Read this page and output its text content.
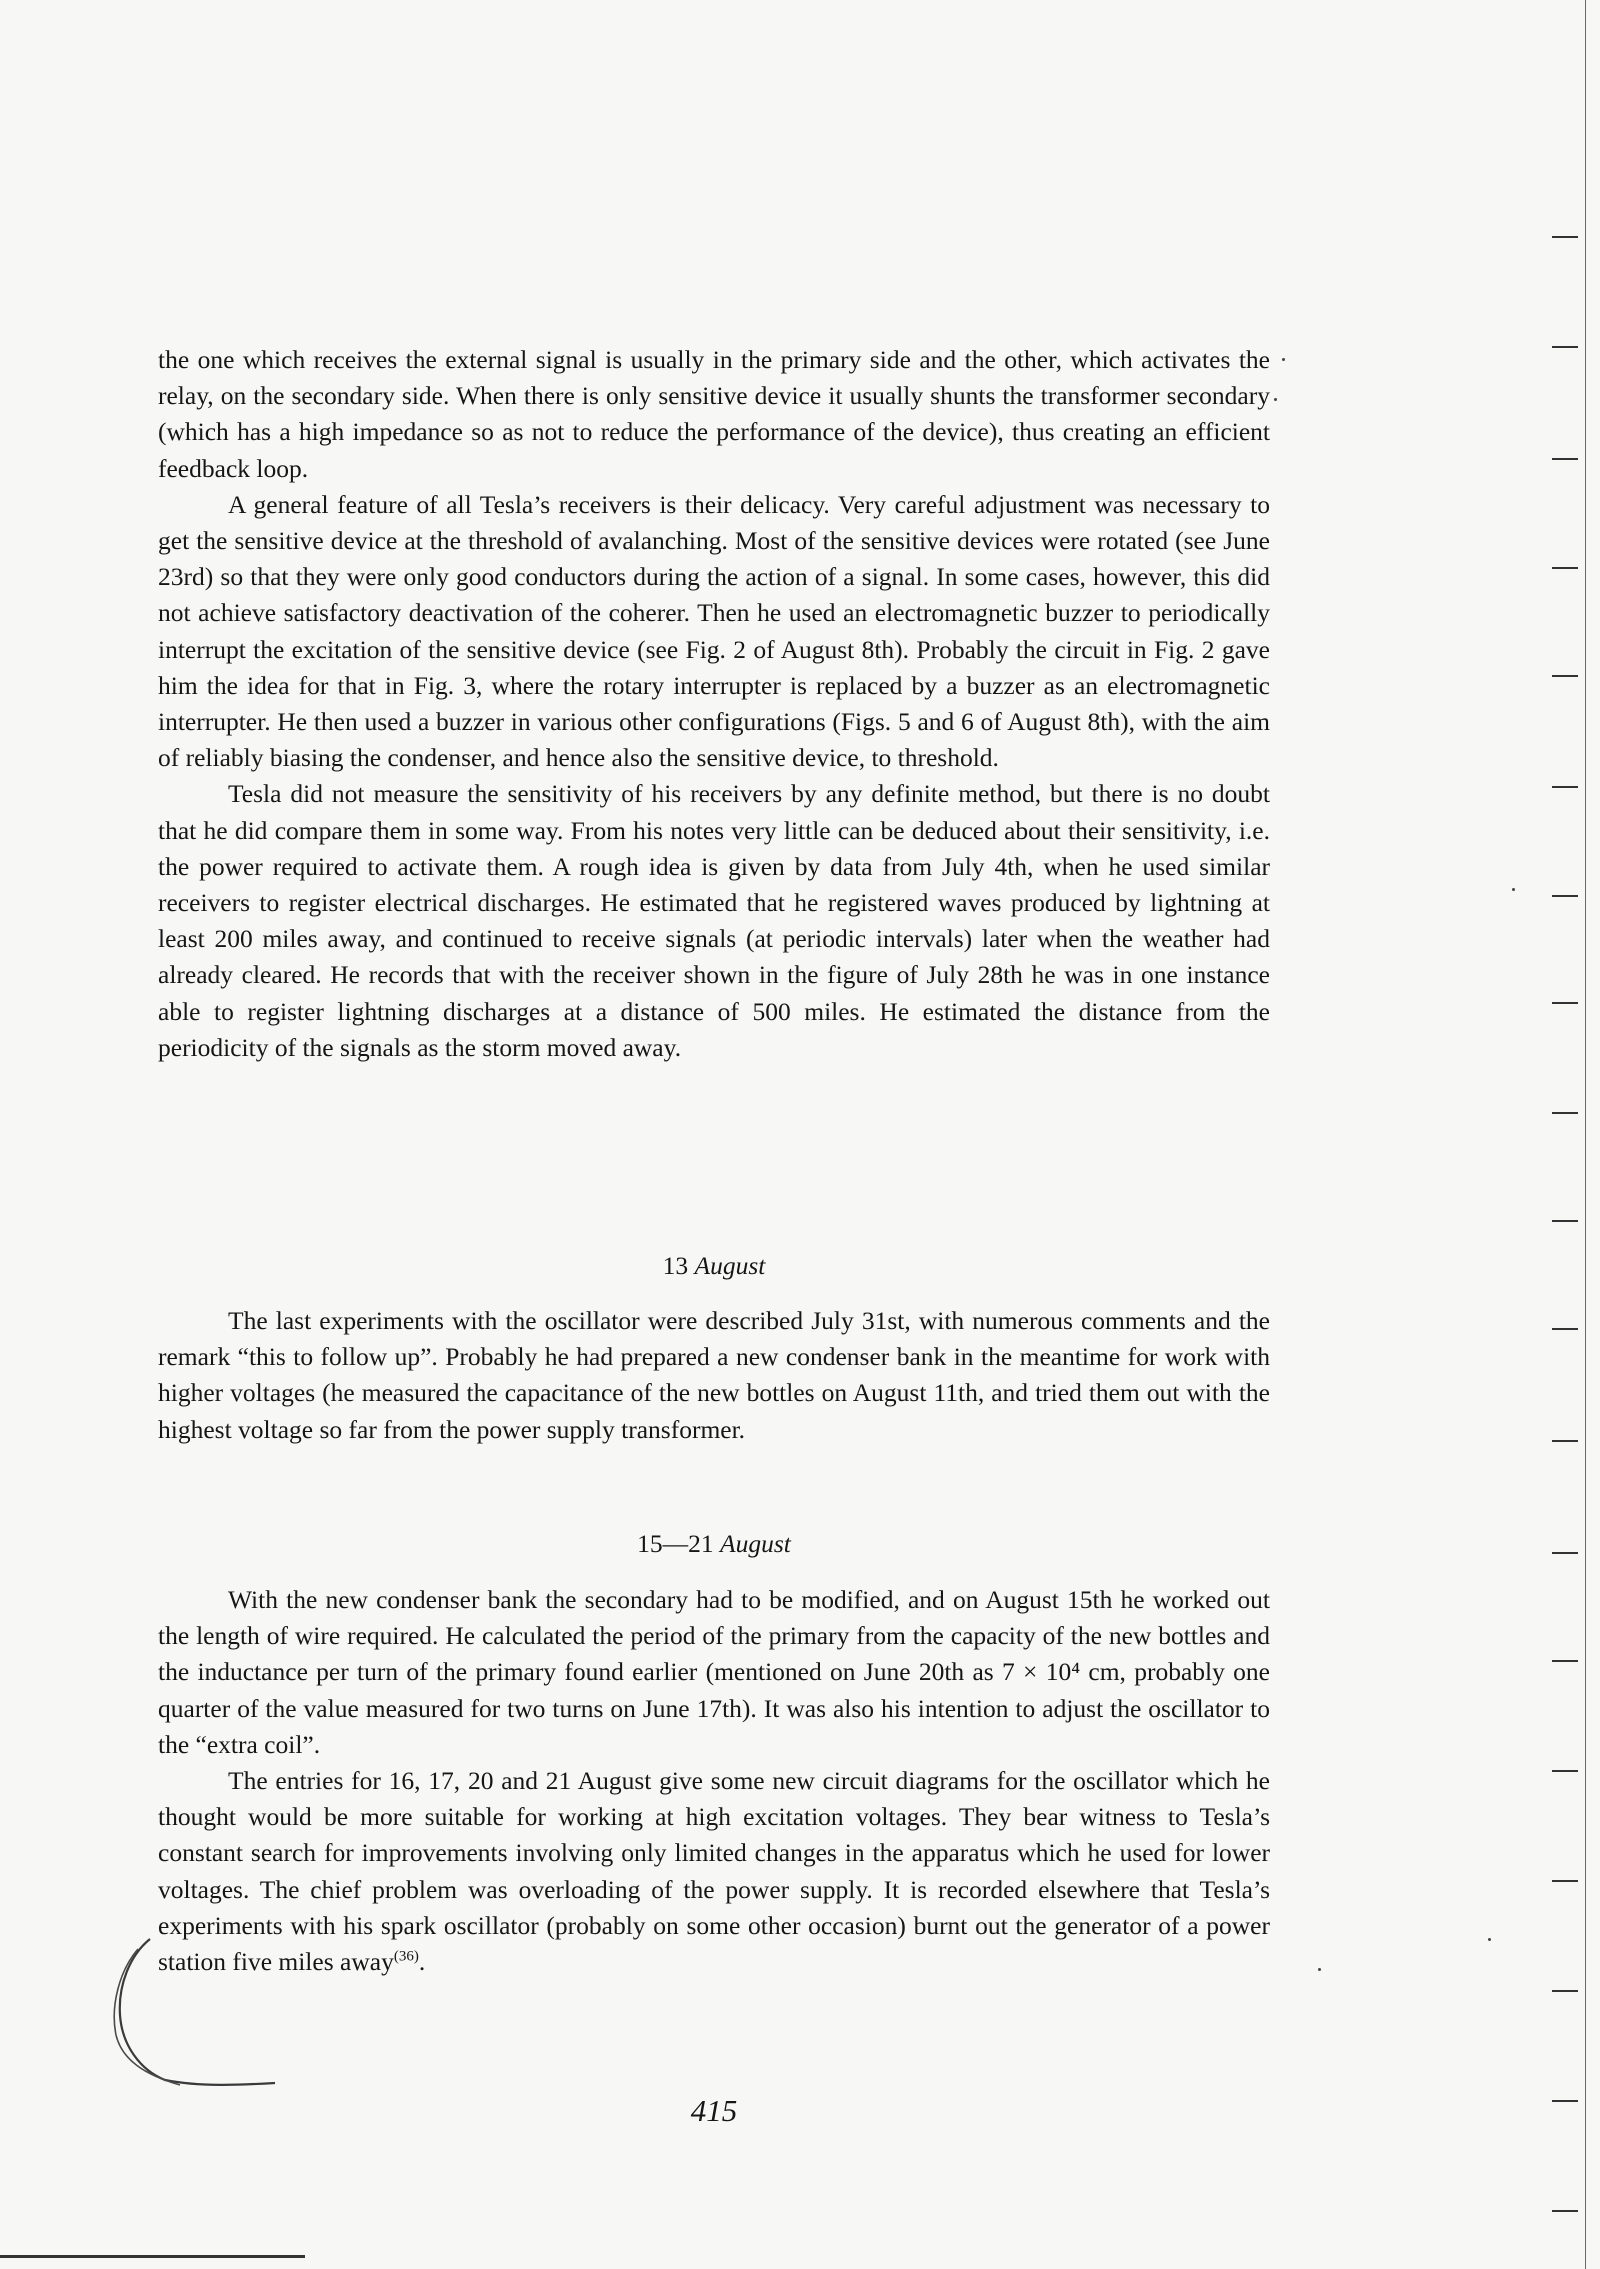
the one which receives the external signal is usually in the primary side and the other, which activates the relay, on the secondary side. When there is only sensitive device it usually shunts the transformer secondary (which has a high impedance so as not to reduce the performance of the device), thus creating an efficient feedback loop.

A general feature of all Tesla’s receivers is their delicacy. Very careful adjustment was necessary to get the sensitive device at the threshold of avalanching. Most of the sensitive devices were rotated (see June 23rd) so that they were only good conductors during the action of a signal. In some cases, however, this did not achieve satisfactory deactivation of the coherer. Then he used an electromagnetic buzzer to periodically interrupt the excitation of the sensitive device (see Fig. 2 of August 8th). Probably the circuit in Fig. 2 gave him the idea for that in Fig. 3, where the rotary interrupter is replaced by a buzzer as an electromagnetic interrupter. He then used a buzzer in various other configurations (Figs. 5 and 6 of August 8th), with the aim of reliably biasing the condenser, and hence also the sensitive device, to threshold.

Tesla did not measure the sensitivity of his receivers by any definite method, but there is no doubt that he did compare them in some way. From his notes very little can be deduced about their sensitivity, i.e. the power required to activate them. A rough idea is given by data from July 4th, when he used similar receivers to register electrical discharges. He estimated that he registered waves produced by lightning at least 200 miles away, and continued to receive signals (at periodic intervals) later when the weather had already cleared. He records that with the receiver shown in the figure of July 28th he was in one instance able to register lightning discharges at a distance of 500 miles. He estimated the distance from the periodicity of the signals as the storm moved away.

13 August

The last experiments with the oscillator were described July 31st, with numerous comments and the remark “this to follow up”. Probably he had prepared a new condenser bank in the meantime for work with higher voltages (he measured the capacitance of the new bottles on August 11th, and tried them out with the highest voltage so far from the power supply transformer.

15—21 August

With the new condenser bank the secondary had to be modified, and on August 15th he worked out the length of wire required. He calculated the period of the primary from the capacity of the new bottles and the inductance per turn of the primary found earlier (mentioned on June 20th as 7 × 10⁴ cm, probably one quarter of the value measured for two turns on June 17th). It was also his intention to adjust the oscillator to the “extra coil”.

The entries for 16, 17, 20 and 21 August give some new circuit diagrams for the oscillator which he thought would be more suitable for working at high excitation voltages. They bear witness to Tesla’s constant search for improvements involving only limited changes in the apparatus which he used for lower voltages. The chief problem was overloading of the power supply. It is recorded elsewhere that Tesla’s experiments with his spark oscillator (probably on some other occasion) burnt out the generator of a power station five miles away$^{(36)}$.

415
